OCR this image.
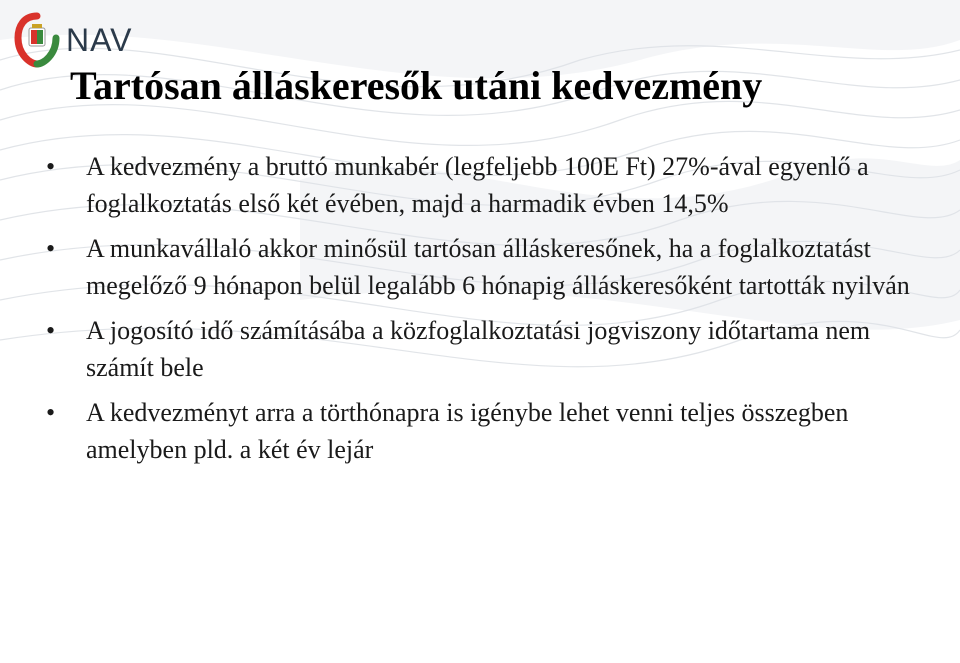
NAV
Tartósan álláskeresők utáni kedvezmény
• A kedvezmény a bruttó munkabér (legfeljebb 100E Ft) 27%-ával egyenlő a foglalkoztatás első két évében, majd a harmadik évben 14,5%
• A munkavállaló akkor minősül tartósan álláskeresőnek, ha a foglalkoztatást megelőző 9 hónapon belül legalább 6 hónapig álláskeresőként tartották nyilván
• A jogosító idő számításába a közfoglalkoztatási jogviszony időtartama nem számít bele
• A kedvezményt arra a törthónapra is igénybe lehet venni teljes összegben amelyben pld. a két év lejár
